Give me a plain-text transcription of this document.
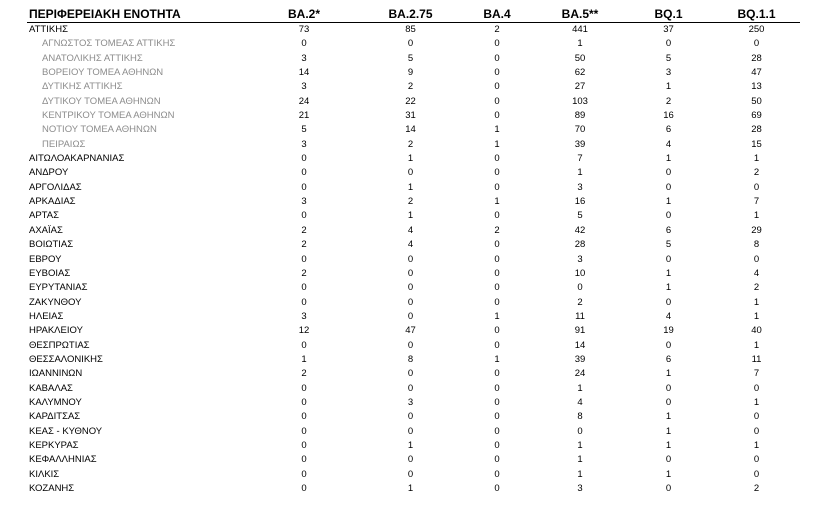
ΠΕΡΙΦΕΡΕΙΑΚΗ ΕΝΟΤΗΤΑ	BA.2*	BA.2.75	BA.4	BA.5**	BQ.1	BQ.1.1
ΑΤΤΙΚΗΣ	73	85	2	441	37	250
ΑΓΝΩΣΤΟΣ ΤΟΜΕΑΣ ΑΤΤΙΚΗΣ	0	0	0	1	0	0
ΑΝΑΤΟΛΙΚΗΣ ΑΤΤΙΚΗΣ	3	5	0	50	5	28
ΒΟΡΕΙΟΥ ΤΟΜΕΑ ΑΘΗΝΩΝ	14	9	0	62	3	47
ΔΥΤΙΚΗΣ ΑΤΤΙΚΗΣ	3	2	0	27	1	13
ΔΥΤΙΚΟΥ ΤΟΜΕΑ ΑΘΗΝΩΝ	24	22	0	103	2	50
ΚΕΝΤΡΙΚΟΥ ΤΟΜΕΑ ΑΘΗΝΩΝ	21	31	0	89	16	69
ΝΟΤΙΟΥ ΤΟΜΕΑ ΑΘΗΝΩΝ	5	14	1	70	6	28
ΠΕΙΡΑΙΩΣ	3	2	1	39	4	15
ΑΙΤΩΛΟΑΚΑΡΝΑΝΙΑΣ	0	1	0	7	1	1
ΑΝΔΡΟΥ	0	0	0	1	0	2
ΑΡΓΟΛΙΔΑΣ	0	1	0	3	0	0
ΑΡΚΑΔΙΑΣ	3	2	1	16	1	7
ΑΡΤΑΣ	0	1	0	5	0	1
ΑΧΑΪΑΣ	2	4	2	42	6	29
ΒΟΙΩΤΙΑΣ	2	4	0	28	5	8
ΕΒΡΟΥ	0	0	0	3	0	0
ΕΥΒΟΙΑΣ	2	0	0	10	1	4
ΕΥΡΥΤΑΝΙΑΣ	0	0	0	0	1	2
ΖΑΚΥΝΘΟΥ	0	0	0	2	0	1
ΗΛΕΙΑΣ	3	0	1	11	4	1
ΗΡΑΚΛΕΙΟΥ	12	47	0	91	19	40
ΘΕΣΠΡΩΤΙΑΣ	0	0	0	14	0	1
ΘΕΣΣΑΛΟΝΙΚΗΣ	1	8	1	39	6	11
ΙΩΑΝΝΙΝΩΝ	2	0	0	24	1	7
ΚΑΒΑΛΑΣ	0	0	0	1	0	0
ΚΑΛΥΜΝΟΥ	0	3	0	4	0	1
ΚΑΡΔΙΤΣΑΣ	0	0	0	8	1	0
ΚΕΑΣ - ΚΥΘΝΟΥ	0	0	0	0	1	0
ΚΕΡΚΥΡΑΣ	0	1	0	1	1	1
ΚΕΦΑΛΛΗΝΙΑΣ	0	0	0	1	0	0
ΚΙΛΚΙΣ	0	0	0	1	1	0
ΚΟΖΑΝΗΣ	0	1	0	3	0	2
